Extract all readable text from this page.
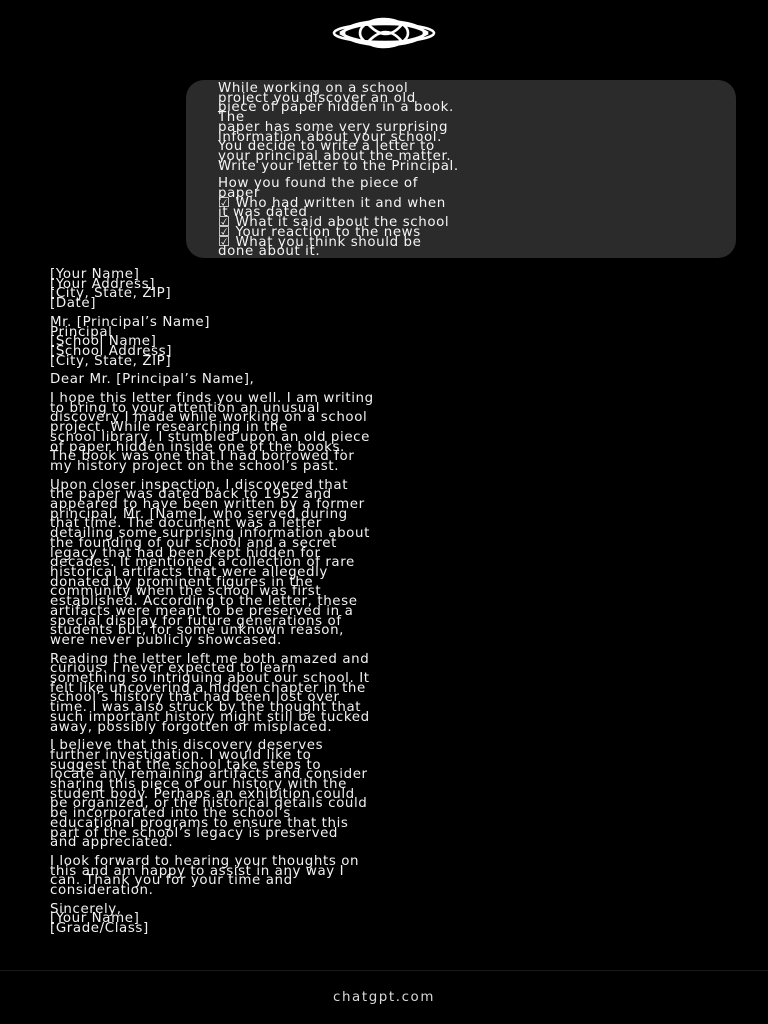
While working on a school
project you discover an old
piece of paper hidden in a book.
The
paper has some very surprising
information about your school.
You decide to write a letter to
your principal about the matter.
Write your letter to the Principal.

How you found the piece of
paper
☑ Who had written it and when
it was dated
☑ What it said about the school
☑ Your reaction to the news
☑ What you think should be
done about it.

[Your Name]
[Your Address]
[City, State, ZIP]
[Date]

Mr. [Principal’s Name]
Principal
[School Name]
[School Address]
[City, State, ZIP]

Dear Mr. [Principal’s Name],

I hope this letter finds you well. I am writing
to bring to your attention an unusual
discovery I made while working on a school
project. While researching in the
school library, I stumbled upon an old piece
of paper hidden inside one of the books.
The book was one that I had borrowed for
my history project on the school’s past.

Upon closer inspection, I discovered that
the paper was dated back to 1952 and
appeared to have been written by a former
principal, Mr. [Name], who served during
that time. The document was a letter
detailing some surprising information about
the founding of our school and a secret
legacy that had been kept hidden for
decades. It mentioned a collection of rare
historical artifacts that were allegedly
donated by prominent figures in the
community when the school was first
established. According to the letter, these
artifacts were meant to be preserved in a
special display for future generations of
students but, for some unknown reason,
were never publicly showcased.

Reading the letter left me both amazed and
curious. I never expected to learn
something so intriguing about our school. It
felt like uncovering a hidden chapter in the
school’s history that had been lost over
time. I was also struck by the thought that
such important history might still be tucked
away, possibly forgotten or misplaced.

I believe that this discovery deserves
further investigation. I would like to
suggest that the school take steps to
locate any remaining artifacts and consider
sharing this piece of our history with the
student body. Perhaps an exhibition could
be organized, or the historical details could
be incorporated into the school’s
educational programs to ensure that this
part of the school’s legacy is preserved
and appreciated.

I look forward to hearing your thoughts on
this and am happy to assist in any way I
can. Thank you for your time and
consideration.

Sincerely,
[Your Name]
[Grade/Class]

chatgpt.com
